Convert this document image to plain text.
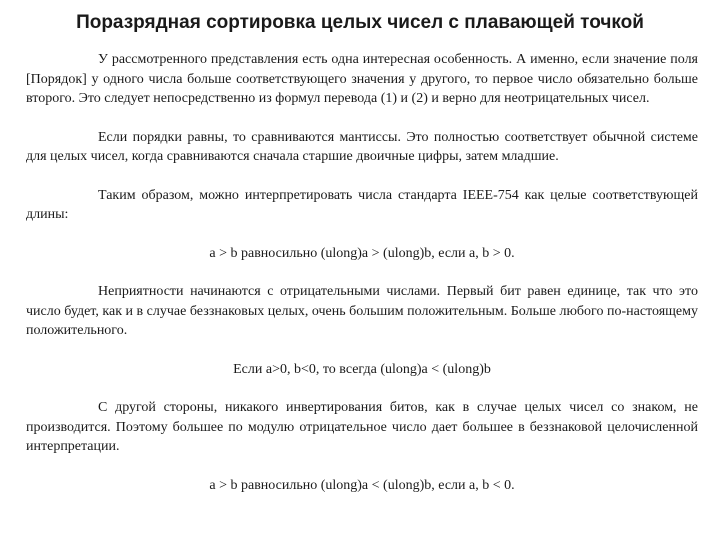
Поразрядная сортировка целых чисел с плавающей точкой

У рассмотренного представления есть одна интересная особенность. А именно, если значение поля [Порядок] у одного числа больше соответствующего значения у другого, то первое число обязательно больше второго. Это следует непосредственно из формул перевода (1) и (2) и верно для неотрицательных чисел.

Если порядки равны, то сравниваются мантиссы. Это полностью соответствует обычной системе для целых чисел, когда сравниваются сначала старшие двоичные цифры, затем младшие.

Таким образом, можно интерпретировать числа стандарта IEEE-754 как целые соответствующей длины:

a > b равносильно (ulong)a > (ulong)b, если a, b > 0.

Неприятности начинаются с отрицательными числами. Первый бит равен единице, так что это число будет, как и в случае беззнаковых целых, очень большим положительным. Больше любого по-настоящему положительного.

Если a>0, b<0, то всегда (ulong)a < (ulong)b

С другой стороны, никакого инвертирования битов, как в случае целых чисел со знаком, не производится. Поэтому большее по модулю отрицательное число дает большее в беззнаковой целочисленной интерпретации.

a > b равносильно (ulong)a < (ulong)b, если a, b < 0.
